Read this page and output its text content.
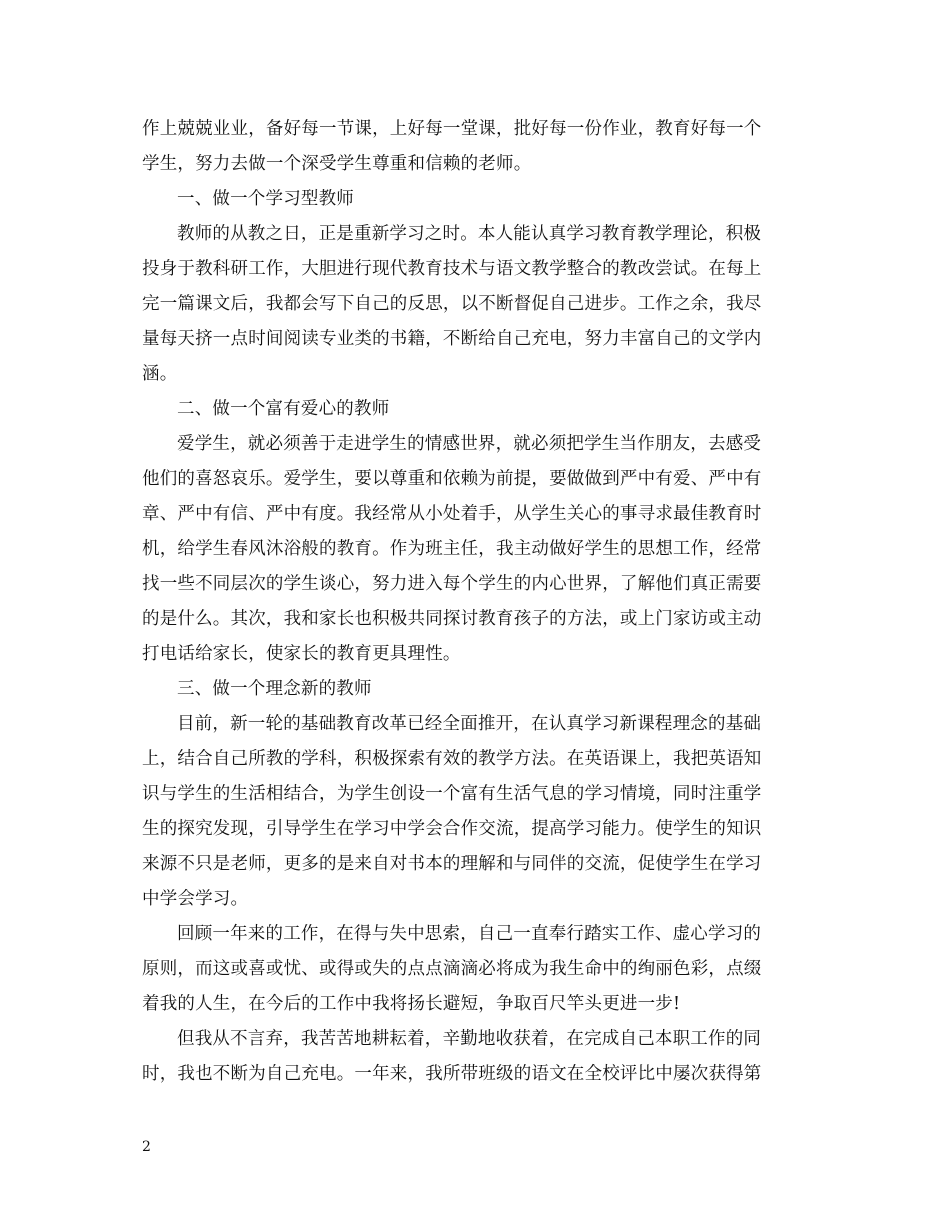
作上兢兢业业，备好每一节课，上好每一堂课，批好每一份作业，教育好每一个
学生，努力去做一个深受学生尊重和信赖的老师。
一、做一个学习型教师
教师的从教之日，正是重新学习之时。本人能认真学习教育教学理论，积极
投身于教科研工作，大胆进行现代教育技术与语文教学整合的教改尝试。在每上
完一篇课文后，我都会写下自己的反思，以不断督促自己进步。工作之余，我尽
量每天挤一点时间阅读专业类的书籍，不断给自己充电，努力丰富自己的文学内
涵。
二、做一个富有爱心的教师
爱学生，就必须善于走进学生的情感世界，就必须把学生当作朋友，去感受
他们的喜怒哀乐。爱学生，要以尊重和依赖为前提，要做做到严中有爱、严中有
章、严中有信、严中有度。我经常从小处着手，从学生关心的事寻求最佳教育时
机，给学生春风沐浴般的教育。作为班主任，我主动做好学生的思想工作，经常
找一些不同层次的学生谈心，努力进入每个学生的内心世界，了解他们真正需要
的是什么。其次，我和家长也积极共同探讨教育孩子的方法，或上门家访或主动
打电话给家长，使家长的教育更具理性。
三、做一个理念新的教师
目前，新一轮的基础教育改革已经全面推开，在认真学习新课程理念的基础
上，结合自己所教的学科，积极探索有效的教学方法。在英语课上，我把英语知
识与学生的生活相结合，为学生创设一个富有生活气息的学习情境，同时注重学
生的探究发现，引导学生在学习中学会合作交流，提高学习能力。使学生的知识
来源不只是老师，更多的是来自对书本的理解和与同伴的交流，促使学生在学习
中学会学习。
回顾一年来的工作，在得与失中思索，自己一直奉行踏实工作、虚心学习的
原则，而这或喜或忧、或得或失的点点滴滴必将成为我生命中的绚丽色彩，点缀
着我的人生，在今后的工作中我将扬长避短，争取百尺竿头更进一步!
但我从不言弃，我苦苦地耕耘着，辛勤地收获着，在完成自己本职工作的同
时，我也不断为自己充电。一年来，我所带班级的语文在全校评比中屡次获得第
2
